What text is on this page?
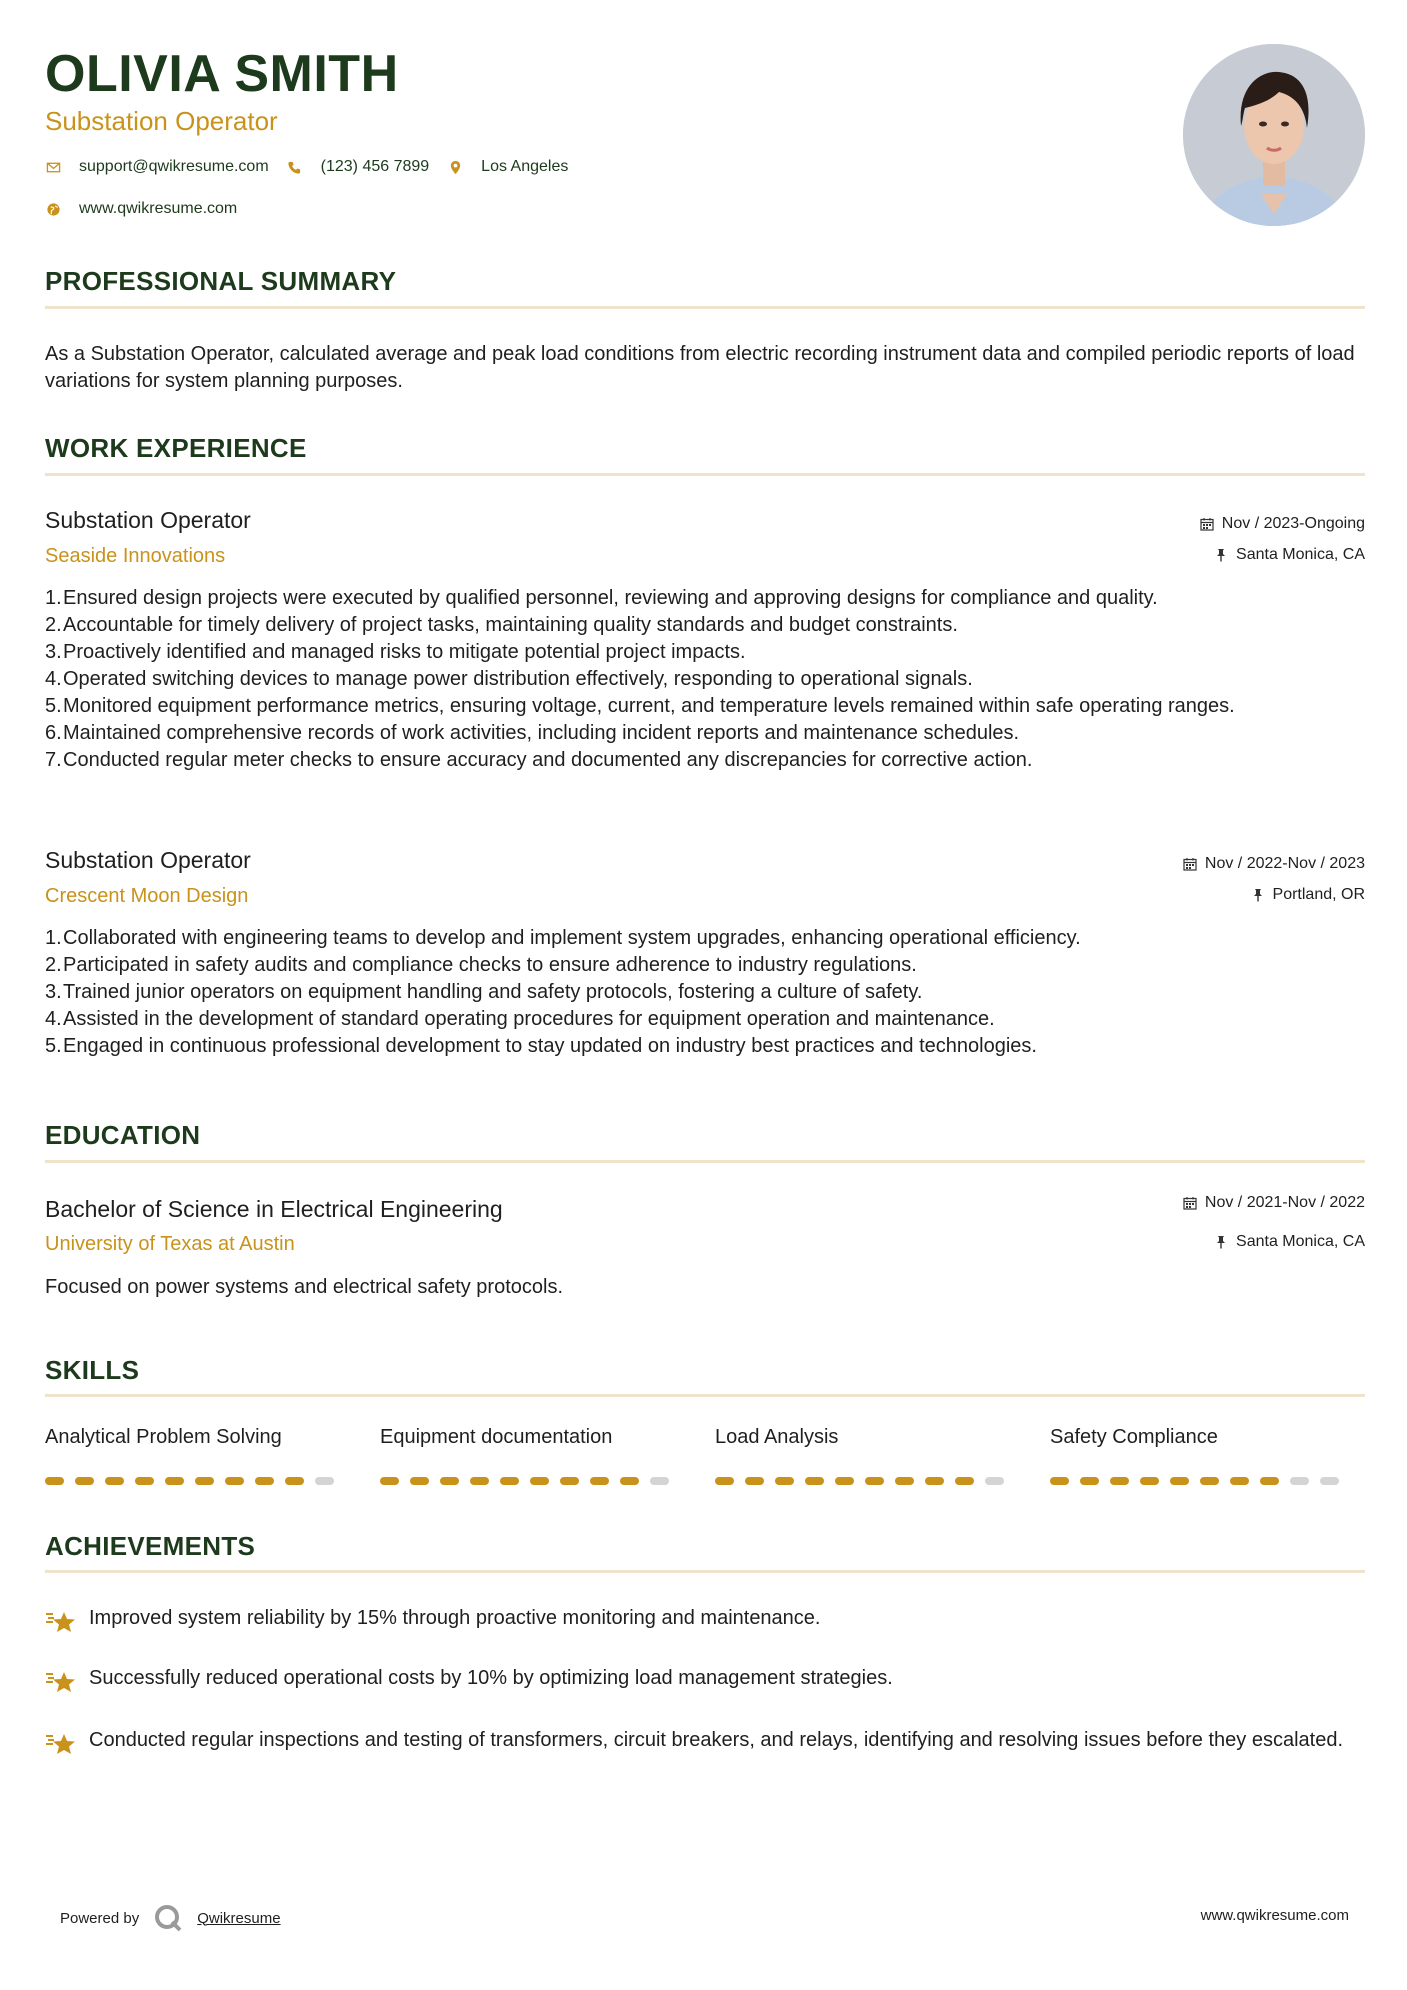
OLIVIA SMITH
Substation Operator
support@qwikresume.com	(123) 456 7899	Los Angeles
www.qwikresume.com
PROFESSIONAL SUMMARY
As a Substation Operator, calculated average and peak load conditions from electric recording instrument data and compiled periodic reports of load variations for system planning purposes.
WORK EXPERIENCE
Substation Operator
Seaside Innovations
Nov / 2023-Ongoing
Santa Monica, CA
1. Ensured design projects were executed by qualified personnel, reviewing and approving designs for compliance and quality.
2. Accountable for timely delivery of project tasks, maintaining quality standards and budget constraints.
3. Proactively identified and managed risks to mitigate potential project impacts.
4. Operated switching devices to manage power distribution effectively, responding to operational signals.
5. Monitored equipment performance metrics, ensuring voltage, current, and temperature levels remained within safe operating ranges.
6. Maintained comprehensive records of work activities, including incident reports and maintenance schedules.
7. Conducted regular meter checks to ensure accuracy and documented any discrepancies for corrective action.
Substation Operator
Crescent Moon Design
Nov / 2022-Nov / 2023
Portland, OR
1. Collaborated with engineering teams to develop and implement system upgrades, enhancing operational efficiency.
2. Participated in safety audits and compliance checks to ensure adherence to industry regulations.
3. Trained junior operators on equipment handling and safety protocols, fostering a culture of safety.
4. Assisted in the development of standard operating procedures for equipment operation and maintenance.
5. Engaged in continuous professional development to stay updated on industry best practices and technologies.
EDUCATION
Bachelor of Science in Electrical Engineering
University of Texas at Austin
Nov / 2021-Nov / 2022
Santa Monica, CA
Focused on power systems and electrical safety protocols.
SKILLS
Analytical Problem Solving	Equipment documentation	Load Analysis	Safety Compliance
ACHIEVEMENTS
Improved system reliability by 15% through proactive monitoring and maintenance.
Successfully reduced operational costs by 10% by optimizing load management strategies.
Conducted regular inspections and testing of transformers, circuit breakers, and relays, identifying and resolving issues before they escalated.
Powered by	Qwikresume	www.qwikresume.com
